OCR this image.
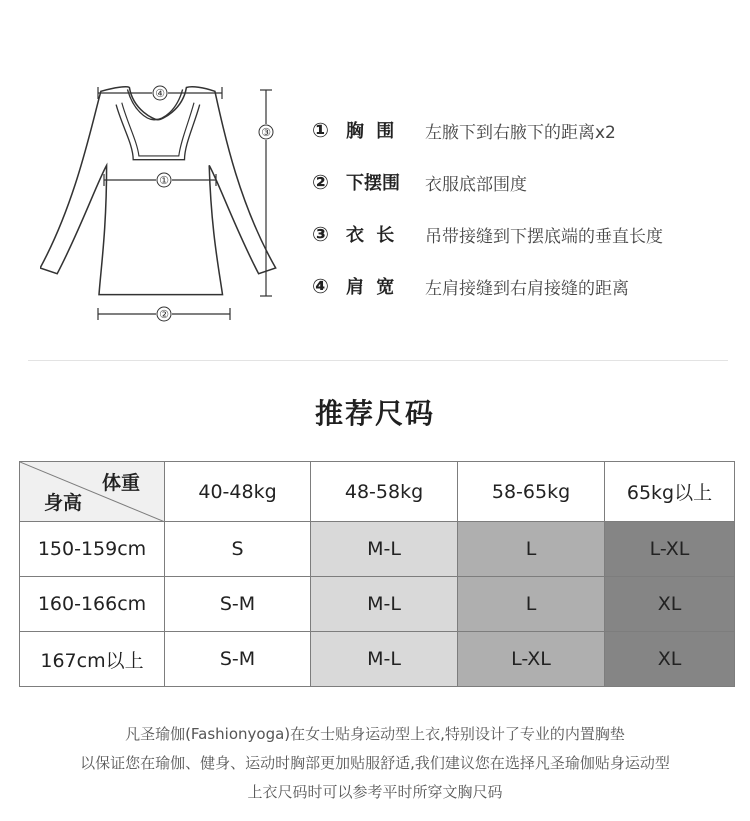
④
①
②
③ ① 胸 围 左腋下到右腋下的距离x2
② 下摆围 衣服底部围度
③ 衣 长 吊带接缝到下摆底端的垂直长度
④ 肩 宽 左肩接缝到右肩接缝的距离
推荐尺码
体重
身高	40-48kg	48-58kg	58-65kg	65kg以上
150-159cm	S	M-L	L	L-XL
160-166cm	S-M	M-L	L	XL
167cm以上	S-M	M-L	L-XL	XL
凡圣瑜伽(Fashionyoga)在女士贴身运动型上衣,特别设计了专业的内置胸垫
以保证您在瑜伽、健身、运动时胸部更加贴服舒适,我们建议您在选择凡圣瑜伽贴身运动型
上衣尺码时可以参考平时所穿文胸尺码
